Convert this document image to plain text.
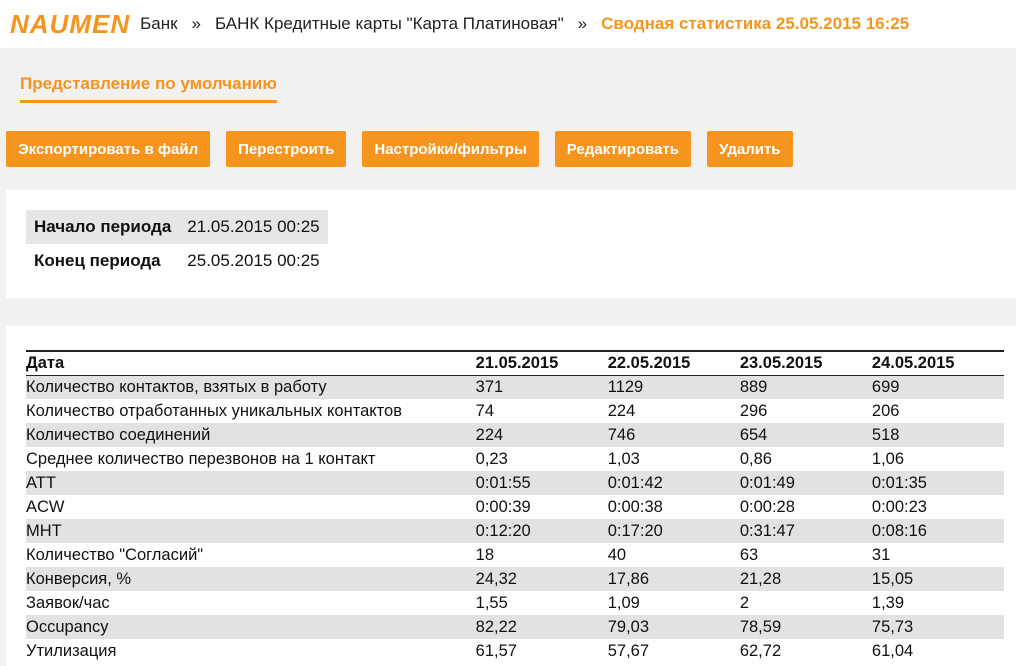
NAUMEN Банк » БАНК Кредитные карты "Карта Платиновая" » Сводная статистика 25.05.2015 16:25
Представление по умолчанию
Экспортировать в файл	Перестроить	Настройки/фильтры	Редактировать	Удалить
Начало периода	21.05.2015 00:25
Конец периода	25.05.2015 00:25
Дата	21.05.2015	22.05.2015	23.05.2015	24.05.2015
Количество контактов, взятых в работу	371	1129	889	699
Количество отработанных уникальных контактов	74	224	296	206
Количество соединений	224	746	654	518
Среднее количество перезвонов на 1 контакт	0,23	1,03	0,86	1,06
ATT	0:01:55	0:01:42	0:01:49	0:01:35
ACW	0:00:39	0:00:38	0:00:28	0:00:23
MHT	0:12:20	0:17:20	0:31:47	0:08:16
Количество "Согласий"	18	40	63	31
Конверсия, %	24,32	17,86	21,28	15,05
Заявок/час	1,55	1,09	2	1,39
Occupancy	82,22	79,03	78,59	75,73
Утилизация	61,57	57,67	62,72	61,04
